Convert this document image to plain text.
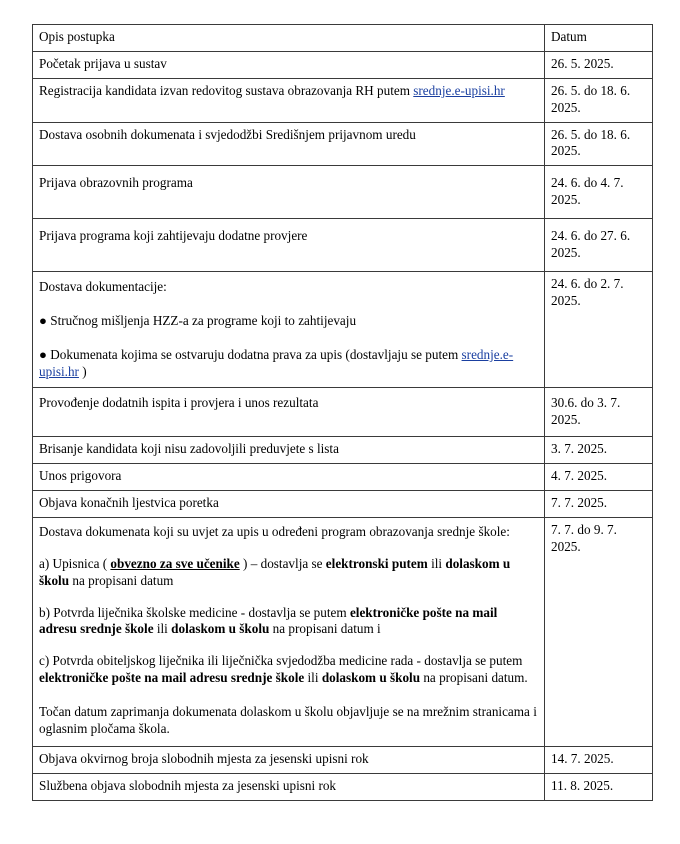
Opis postupka	Datum
Početak prijava u sustav	26. 5. 2025.
Registracija kandidata izvan redovitog sustava obrazovanja RH putem srednje.e-upisi.hr	26. 5. do 18. 6. 2025.
Dostava osobnih dokumenata i svjedodžbi Središnjem prijavnom uredu	26. 5. do 18. 6. 2025.
Prijava obrazovnih programa	24. 6. do 4. 7. 2025.
Prijava programa koji zahtijevaju dodatne provjere	24. 6. do 27. 6. 2025.

Dostava dokumentacije:
● Stručnog mišljenja HZZ-a za programe koji to zahtijevaju
● Dokumenata kojima se ostvaruju dodatna prava za upis (dostavljaju se putem srednje.e-upisi.hr )	24. 6. do 2. 7. 2025.
Provođenje dodatnih ispita i provjera i unos rezultata	30.6. do 3. 7. 2025.
Brisanje kandidata koji nisu zadovoljili preduvjete s lista	3. 7. 2025.
Unos prigovora	4. 7. 2025.
Objava konačnih ljestvica poretka	7. 7. 2025.

Dostava dokumenata koji su uvjet za upis u određeni program obrazovanja srednje škole:
a) Upisnica ( obvezno za sve učenike ) – dostavlja se elektronski putem ili dolaskom u školu na propisani datum
b) Potvrda liječnika školske medicine - dostavlja se putem elektroničke pošte na mail adresu srednje škole ili dolaskom u školu na propisani datum i
c) Potvrda obiteljskog liječnika ili liječnička svjedodžba medicine rada - dostavlja se putem elektroničke pošte na mail adresu srednje škole ili dolaskom u školu na propisani datum.
Točan datum zaprimanja dokumenata dolaskom u školu objavljuje se na mrežnim stranicama i oglasnim pločama škola.	7. 7. do 9. 7. 2025.
Objava okvirnog broja slobodnih mjesta za jesenski upisni rok	14. 7. 2025.
Službena objava slobodnih mjesta za jesenski upisni rok	11. 8. 2025.
